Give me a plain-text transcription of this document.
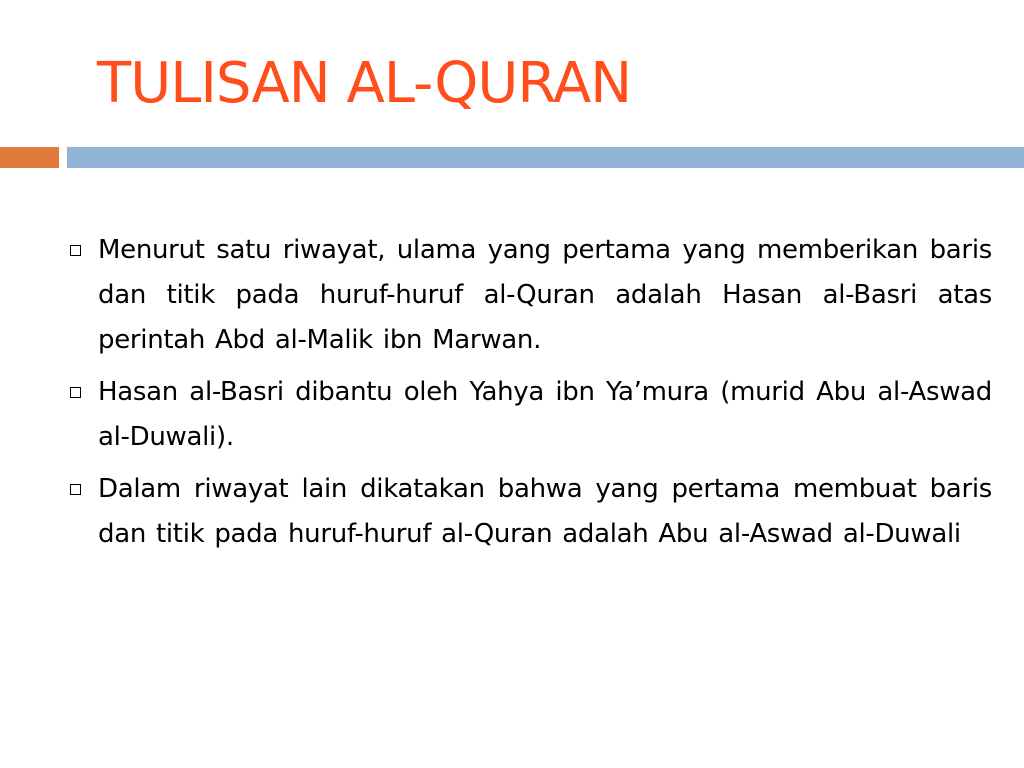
TULISAN AL-QURAN
Menurut satu riwayat, ulama yang pertama yang memberikan baris dan titik pada huruf-huruf al-Quran adalah Hasan al-Basri atas perintah Abd al-Malik ibn Marwan.
Hasan al-Basri dibantu oleh Yahya ibn Ya’mura (murid Abu al-Aswad al-Duwali).
Dalam riwayat lain dikatakan bahwa yang pertama membuat baris dan titik pada huruf-huruf al-Quran adalah Abu al-Aswad al-Duwali
